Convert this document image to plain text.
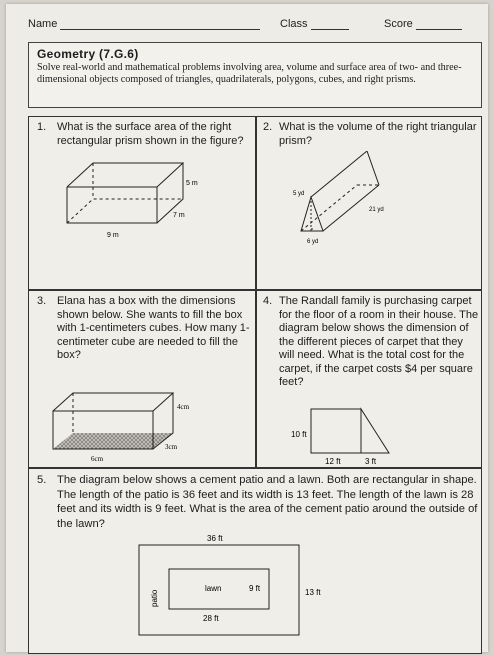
Name	Class	Score
Geometry (7.G.6)
Solve real-world and mathematical problems involving area, volume and surface area of two- and three-dimensional objects composed of triangles, quadrilaterals, polygons, cubes, and right prisms.
1. What is the surface area of the right rectangular prism shown in the figure?
5 m
7 m
9 m
2. What is the volume of the right triangular prism?
5 yd
21 yd
6 yd
3. Elana has a box with the dimensions shown below. She wants to fill the box with 1-centimeters cubes. How many 1-centimeter cube are needed to fill the box?
4cm
3cm
6cm
4. The Randall family is purchasing carpet for the floor of a room in their house. The diagram below shows the dimension of the different pieces of carpet that they will need. What is the total cost for the carpet, if the carpet costs $4 per square feet?
10 ft
12 ft	3 ft
5. The diagram below shows a cement patio and a lawn. Both are rectangular in shape. The length of the patio is 36 feet and its width is 13 feet. The length of the lawn is 28 feet and its width is 9 feet. What is the area of the cement patio around the outside of the lawn?
36 ft
13 ft
lawn	9 ft
28 ft
patio
